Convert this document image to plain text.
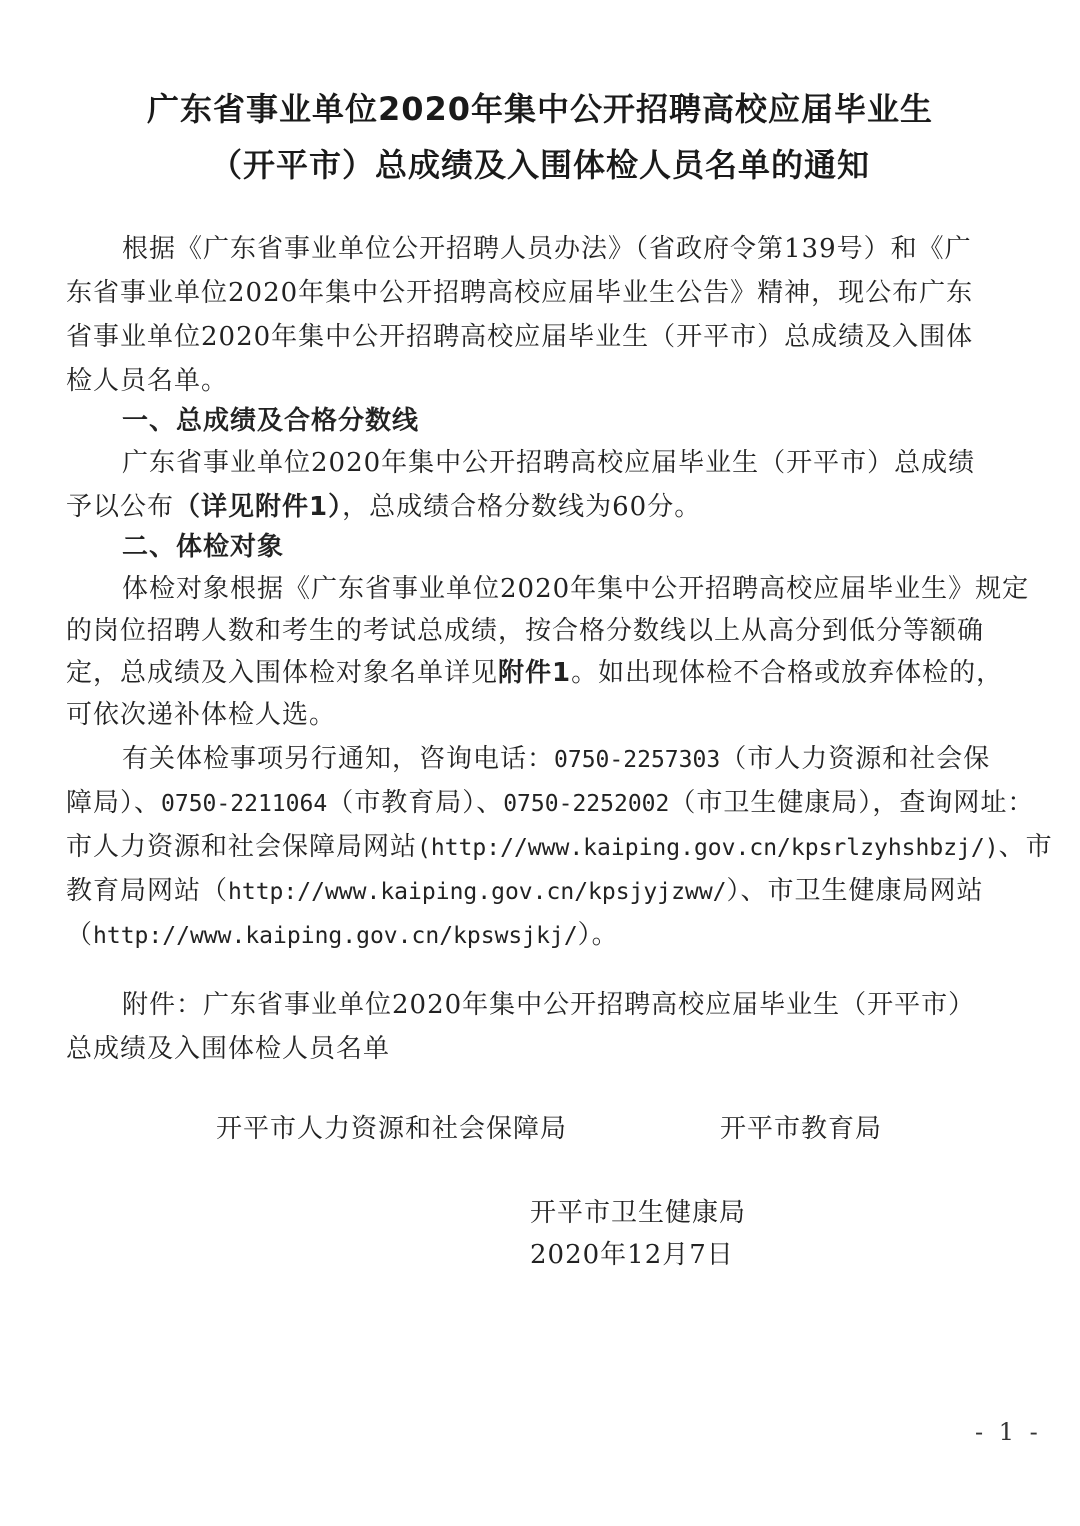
广东省事业单位2020年集中公开招聘高校应届毕业生
（开平市）总成绩及入围体检人员名单的通知
根据《广东省事业单位公开招聘人员办法》（省政府令第139号）和《广
东省事业单位2020年集中公开招聘高校应届毕业生公告》精神，现公布广东
省事业单位2020年集中公开招聘高校应届毕业生（开平市）总成绩及入围体
检人员名单。
一、总成绩及合格分数线
广东省事业单位2020年集中公开招聘高校应届毕业生（开平市）总成绩
予以公布（详见附件1），总成绩合格分数线为60分。
二、体检对象
体检对象根据《广东省事业单位2020年集中公开招聘高校应届毕业生》规定
的岗位招聘人数和考生的考试总成绩，按合格分数线以上从高分到低分等额确
定，总成绩及入围体检对象名单详见附件1。如出现体检不合格或放弃体检的，
可依次递补体检人选。
有关体检事项另行通知，咨询电话：0750-2257303（市人力资源和社会保
障局）、0750-2211064（市教育局）、0750-2252002（市卫生健康局），查询网址：
市人力资源和社会保障局网站(http://www.kaiping.gov.cn/kpsrlzyhshbzj/)、市
教育局网站（http://www.kaiping.gov.cn/kpsjyjzww/）、市卫生健康局网站
（http://www.kaiping.gov.cn/kpswsjkj/）。
附件：广东省事业单位2020年集中公开招聘高校应届毕业生（开平市）
总成绩及入围体检人员名单
开平市人力资源和社会保障局	开平市教育局
开平市卫生健康局
2020年12月7日
- 1 -
